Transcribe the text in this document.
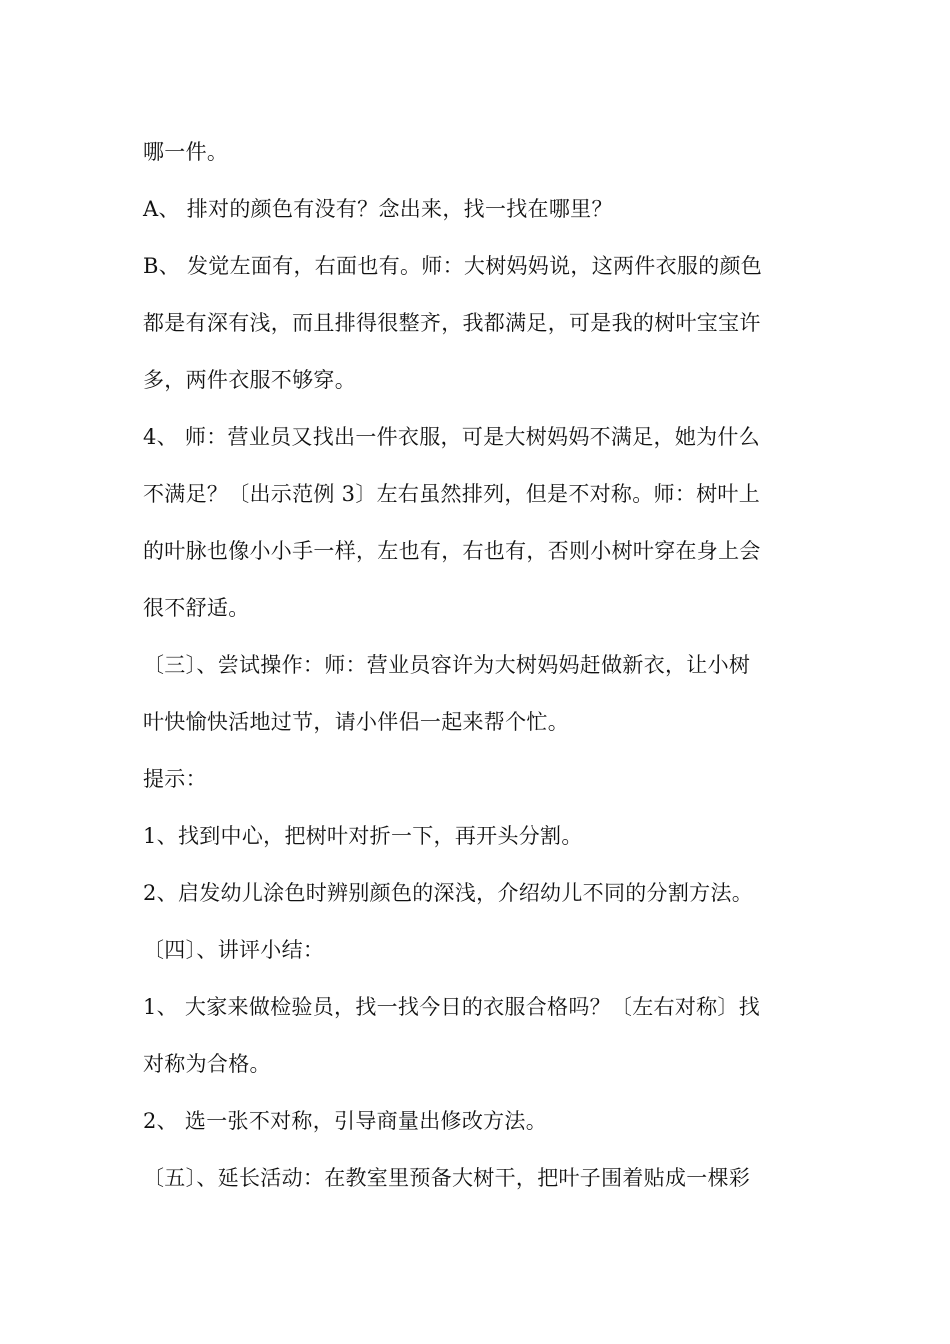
哪一件。

A、 排对的颜色有没有？念出来，找一找在哪里？

B、 发觉左面有，右面也有。师：大树妈妈说，这两件衣服的颜色

都是有深有浅，而且排得很整齐，我都满足，可是我的树叶宝宝许

多，两件衣服不够穿。

4、 师：营业员又找出一件衣服，可是大树妈妈不满足，她为什么

不满足？〔出示范例 3〕左右虽然排列，但是不对称。师：树叶上

的叶脉也像小小手一样，左也有，右也有，否则小树叶穿在身上会

很不舒适。

〔三〕、尝试操作：师：营业员容许为大树妈妈赶做新衣，让小树

叶快愉快活地过节，请小伴侣一起来帮个忙。

提示：

1、找到中心，把树叶对折一下，再开头分割。

2、启发幼儿涂色时辨别颜色的深浅，介绍幼儿不同的分割方法。

〔四〕、讲评小结：

1、 大家来做检验员，找一找今日的衣服合格吗？〔左右对称〕找

对称为合格。

2、 选一张不对称，引导商量出修改方法。

〔五〕、延长活动：在教室里预备大树干，把叶子围着贴成一棵彩
